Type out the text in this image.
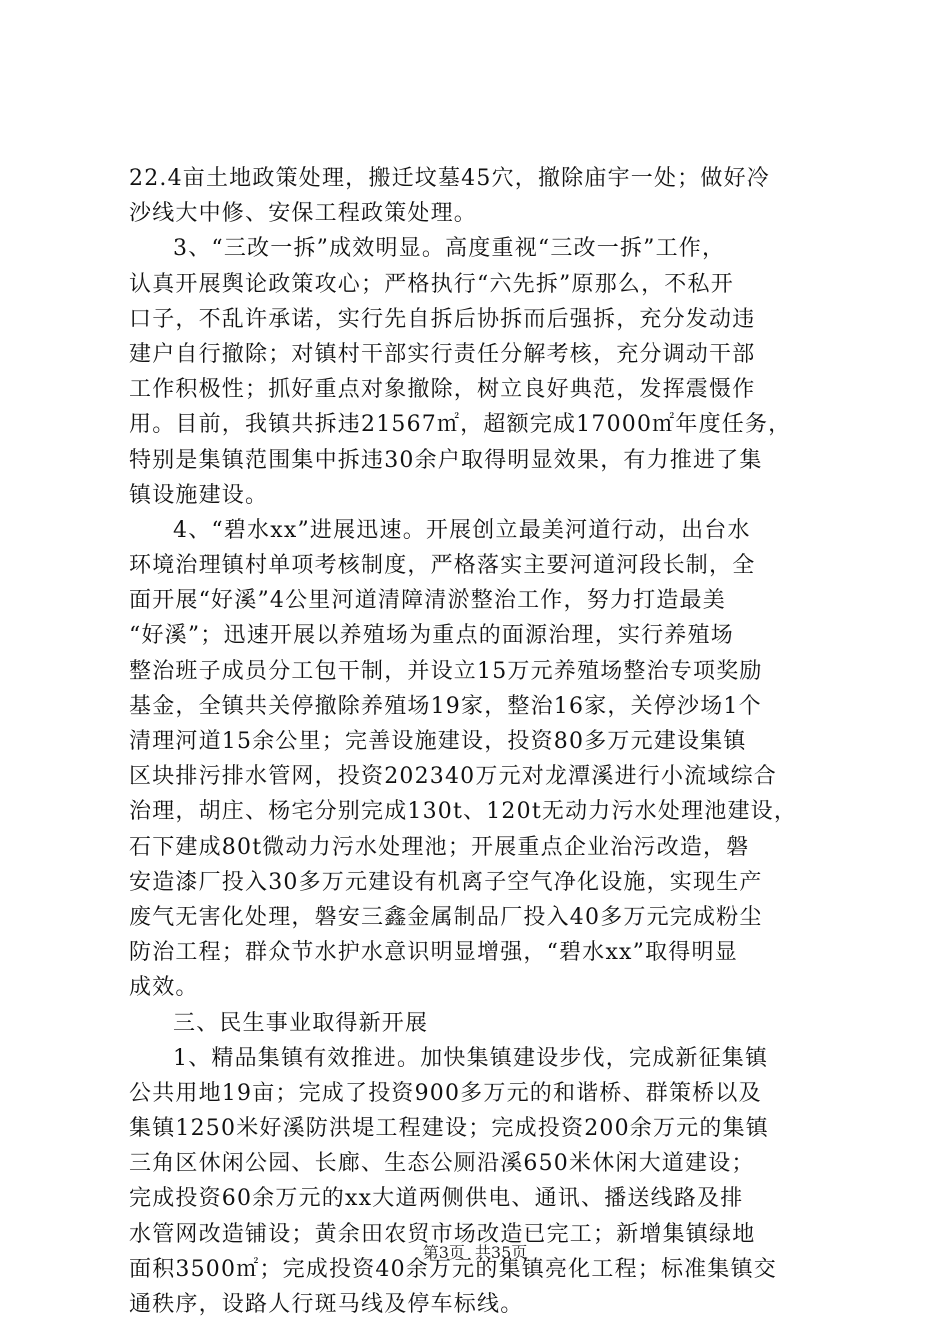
22.4亩土地政策处理，搬迁坟墓45穴，撤除庙宇一处；做好冷
沙线大中修、安保工程政策处理。
3、“三改一拆”成效明显。高度重视“三改一拆”工作，
认真开展舆论政策攻心；严格执行“六先拆”原那么，不私开
口子，不乱许承诺，实行先自拆后协拆而后强拆，充分发动违
建户自行撤除；对镇村干部实行责任分解考核，充分调动干部
工作积极性；抓好重点对象撤除，树立良好典范，发挥震慑作
用。目前，我镇共拆违21567㎡，超额完成17000㎡年度任务，
特别是集镇范围集中拆违30余户取得明显效果，有力推进了集
镇设施建设。
4、“碧水xx”进展迅速。开展创立最美河道行动，出台水
环境治理镇村单项考核制度，严格落实主要河道河段长制，全
面开展“好溪”4公里河道清障清淤整治工作，努力打造最美
“好溪”；迅速开展以养殖场为重点的面源治理，实行养殖场
整治班子成员分工包干制，并设立15万元养殖场整治专项奖励
基金，全镇共关停撤除养殖场19家，整治16家，关停沙场1个
清理河道15余公里；完善设施建设，投资80多万元建设集镇
区块排污排水管网，投资202340万元对龙潭溪进行小流域综合
治理，胡庄、杨宅分别完成130t、120t无动力污水处理池建设，
石下建成80t微动力污水处理池；开展重点企业治污改造，磐
安造漆厂投入30多万元建设有机离子空气净化设施，实现生产
废气无害化处理，磐安三鑫金属制品厂投入40多万元完成粉尘
防治工程；群众节水护水意识明显增强，“碧水xx”取得明显
成效。
三、民生事业取得新开展
1、精品集镇有效推进。加快集镇建设步伐，完成新征集镇
公共用地19亩；完成了投资900多万元的和谐桥、群策桥以及
集镇1250米好溪防洪堤工程建设；完成投资200余万元的集镇
三角区休闲公园、长廊、生态公厕沿溪650米休闲大道建设；
完成投资60余万元的xx大道两侧供电、通讯、播送线路及排
水管网改造铺设；黄余田农贸市场改造已完工；新增集镇绿地
面积3500㎡；完成投资40余万元的集镇亮化工程；标准集镇交
通秩序，设路人行斑马线及停车标线。
第3页 共35页
